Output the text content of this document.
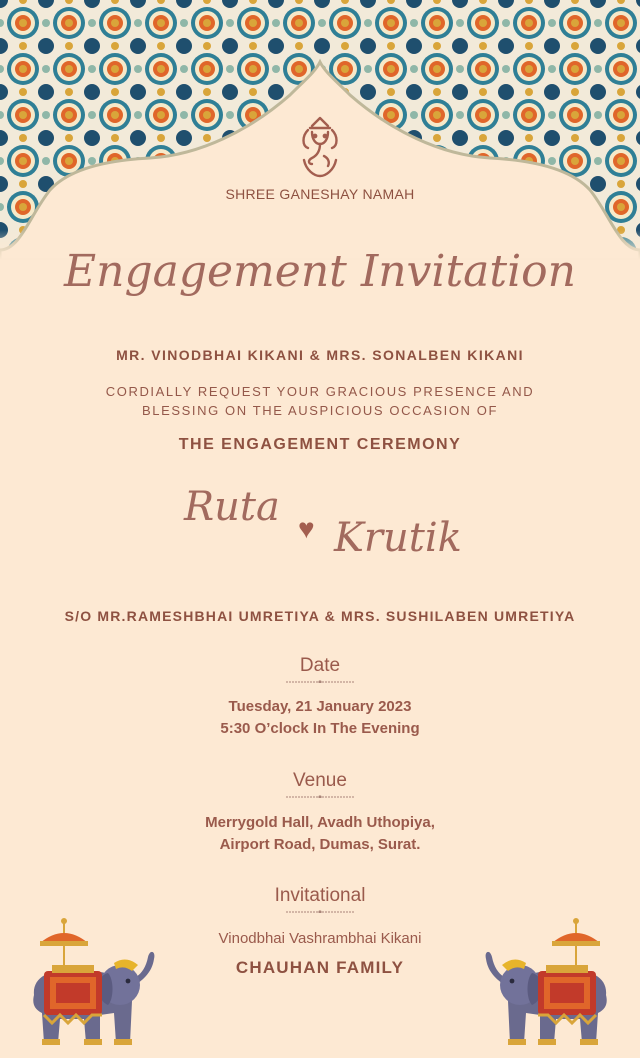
SHREE GANESHAY NAMAH
Engagement Invitation
MR. VINODBHAI KIKANI & MRS. SONALBEN KIKANI
CORDIALLY REQUEST YOUR GRACIOUS PRESENCE AND
BLESSING ON THE AUSPICIOUS OCCASION OF
THE ENGAGEMENT CEREMONY
Ruta ♥ Krutik
S/O MR.RAMESHBHAI UMRETIYA & MRS. SUSHILABEN UMRETIYA
Date
Tuesday, 21 January 2023
5:30 O’clock In The Evening
Venue
Merrygold Hall, Avadh Uthopiya,
Airport Road, Dumas, Surat.
Invitational
Vinodbhai Vashrambhai Kikani
CHAUHAN FAMILY
